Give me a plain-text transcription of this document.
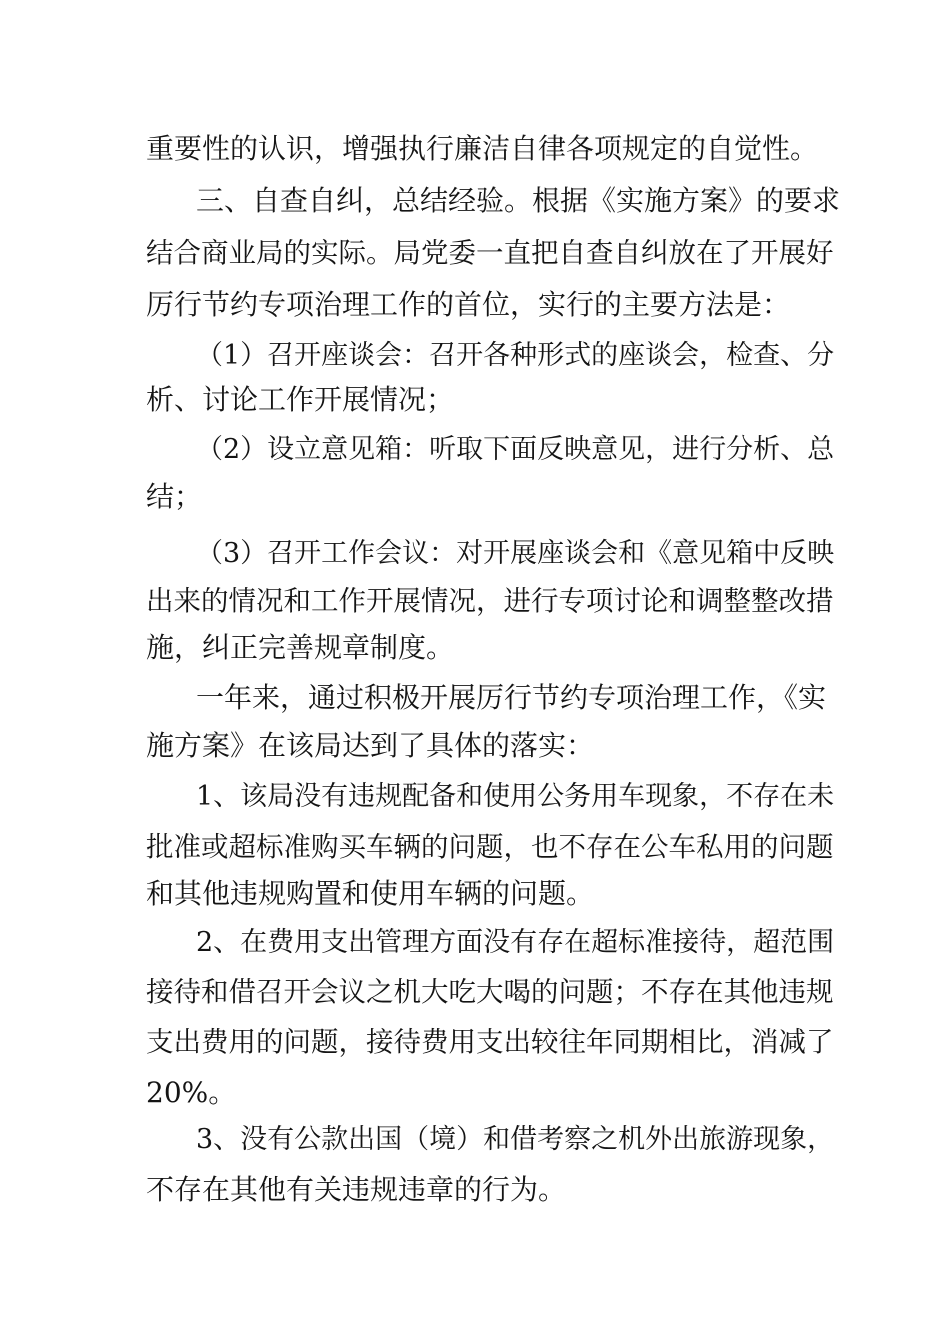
重要性的认识，增强执行廉洁自律各项规定的自觉性。
三、自查自纠，总结经验。根据《实施方案》的要求
结合商业局的实际。局党委一直把自查自纠放在了开展好
厉行节约专项治理工作的首位，实行的主要方法是：
（1）召开座谈会：召开各种形式的座谈会，检查、分
析、讨论工作开展情况；
（2）设立意见箱：听取下面反映意见，进行分析、总
结；
（3）召开工作会议：对开展座谈会和《意见箱中反映
出来的情况和工作开展情况，进行专项讨论和调整整改措
施，纠正完善规章制度。
一年来，通过积极开展厉行节约专项治理工作，《实
施方案》在该局达到了具体的落实：
1、该局没有违规配备和使用公务用车现象，不存在未
批准或超标准购买车辆的问题，也不存在公车私用的问题
和其他违规购置和使用车辆的问题。
2、在费用支出管理方面没有存在超标准接待，超范围
接待和借召开会议之机大吃大喝的问题；不存在其他违规
支出费用的问题，接待费用支出较往年同期相比，消减了
20%。
3、没有公款出国（境）和借考察之机外出旅游现象，
不存在其他有关违规违章的行为。
